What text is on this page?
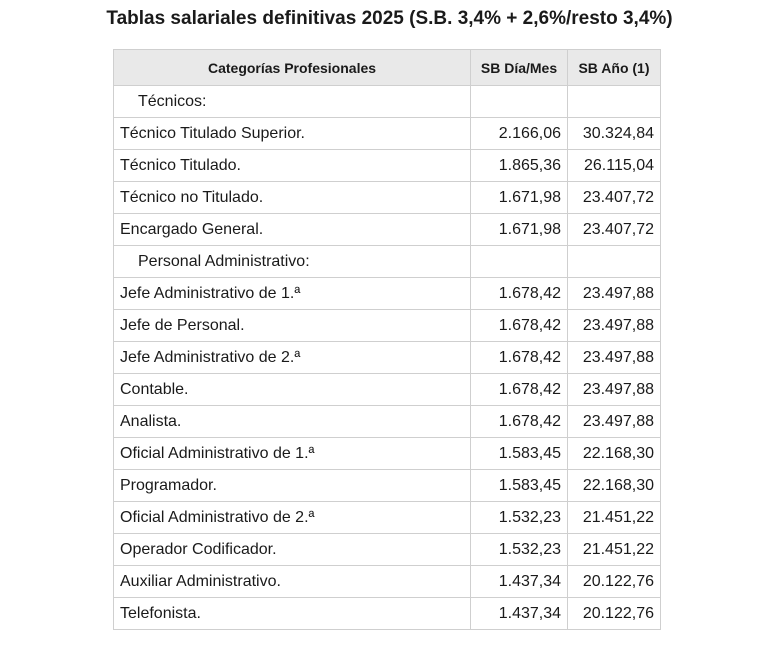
Tablas salariales definitivas 2025 (S.B. 3,4% + 2,6%/resto 3,4%)
Categorías Profesionales	SB Día/Mes	SB Año (1)
Técnicos:		
Técnico Titulado Superior.	2.166,06	30.324,84
Técnico Titulado.	1.865,36	26.115,04
Técnico no Titulado.	1.671,98	23.407,72
Encargado General.	1.671,98	23.407,72
Personal Administrativo:		
Jefe Administrativo de 1.ª	1.678,42	23.497,88
Jefe de Personal.	1.678,42	23.497,88
Jefe Administrativo de 2.ª	1.678,42	23.497,88
Contable.	1.678,42	23.497,88
Analista.	1.678,42	23.497,88
Oficial Administrativo de 1.ª	1.583,45	22.168,30
Programador.	1.583,45	22.168,30
Oficial Administrativo de 2.ª	1.532,23	21.451,22
Operador Codificador.	1.532,23	21.451,22
Auxiliar Administrativo.	1.437,34	20.122,76
Telefonista.	1.437,34	20.122,76
